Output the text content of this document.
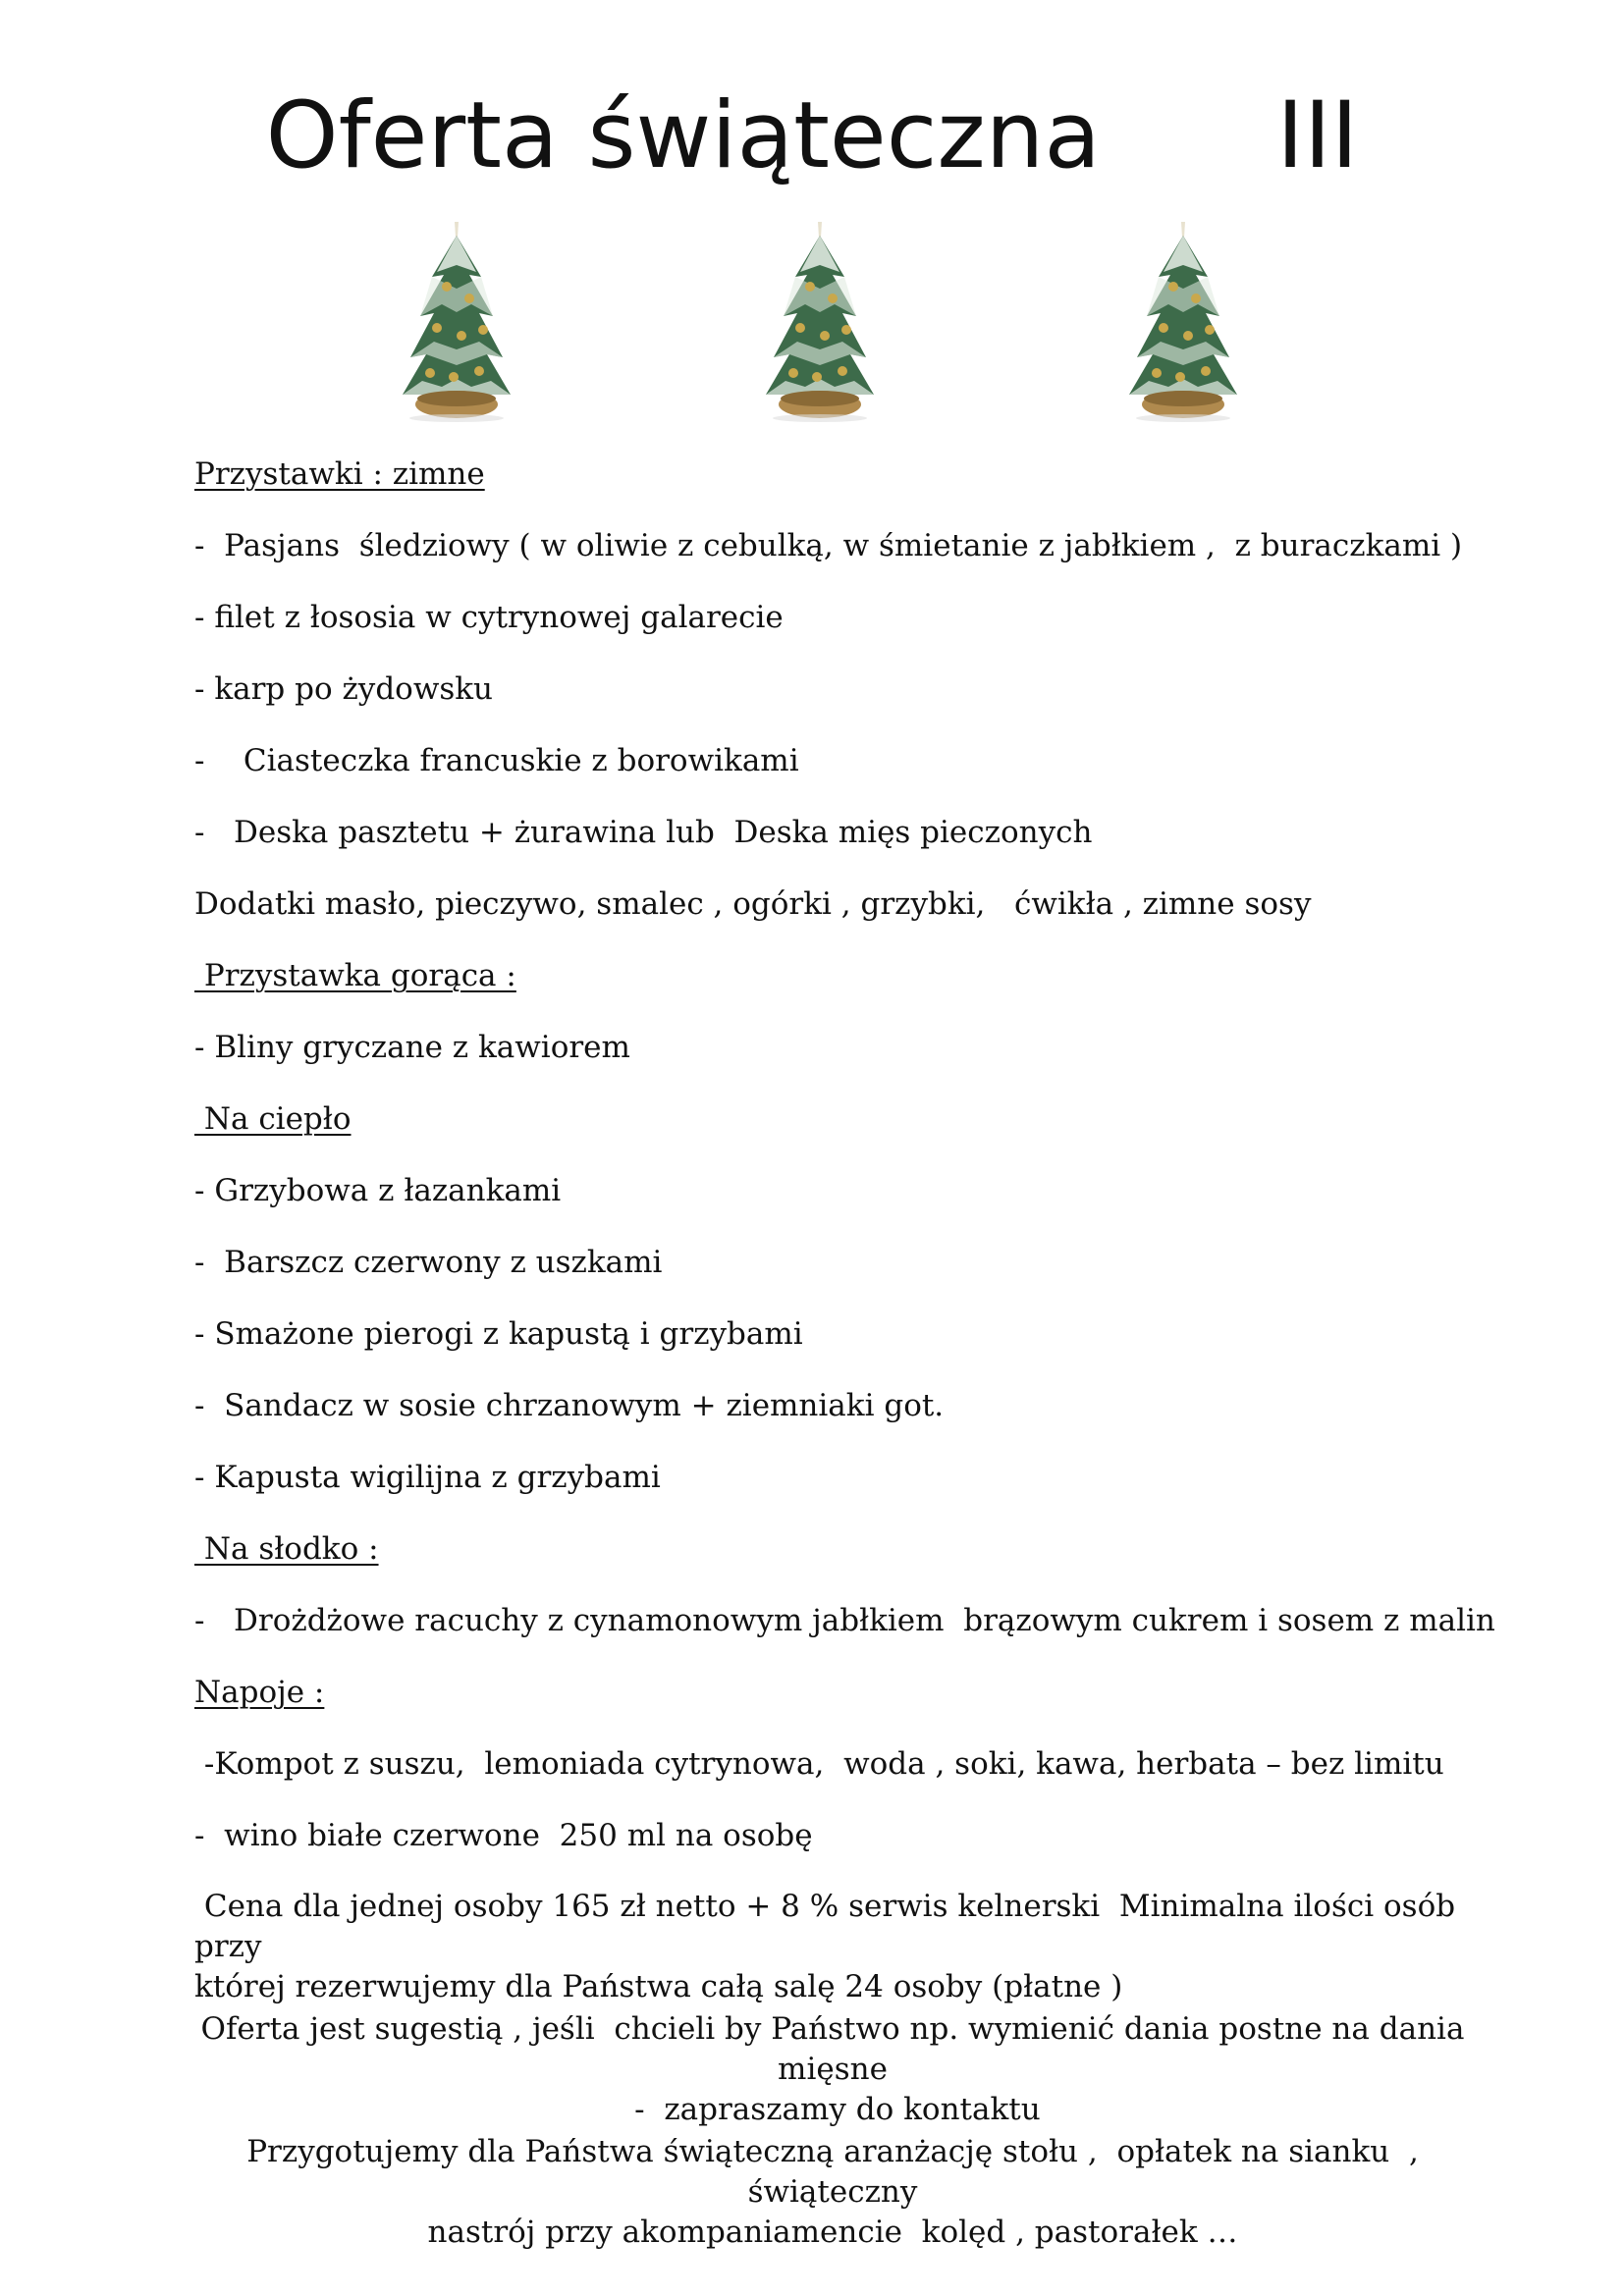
Oferta świąteczna      III
Przystawki : zimne
-  Pasjans  śledziowy ( w oliwie z cebulką, w śmietanie z jabłkiem ,  z buraczkami )
- filet z łososia w cytrynowej galarecie
- karp po żydowsku
-    Ciasteczka francuskie z borowikami
-   Deska pasztetu + żurawina lub  Deska mięs pieczonych
Dodatki masło, pieczywo, smalec , ogórki , grzybki,   ćwikła , zimne sosy
Przystawka gorąca :
- Bliny gryczane z kawiorem
Na ciepło
- Grzybowa z łazankami
-  Barszcz czerwony z uszkami
- Smażone pierogi z kapustą i grzybami
-  Sandacz w sosie chrzanowym + ziemniaki got.
- Kapusta wigilijna z grzybami
Na słodko :
-   Drożdżowe racuchy z cynamonowym jabłkiem  brązowym cukrem i sosem z malin
Napoje :
-Kompot z suszu,  lemoniada cytrynowa,  woda , soki, kawa, herbata – bez limitu
-  wino białe czerwone  250 ml na osobę
Cena dla jednej osoby 165 zł netto + 8 % serwis kelnerski  Minimalna ilości osób przy
której rezerwujemy dla Państwa całą salę 24 osoby (płatne )
Oferta jest sugestią , jeśli  chcieli by Państwo np. wymienić dania postne na dania mięsne
-  zapraszamy do kontaktu
Przygotujemy dla Państwa świąteczną aranżację stołu ,  opłatek na sianku  , świąteczny
nastrój przy akompaniamencie  kolęd , pastorałek …
